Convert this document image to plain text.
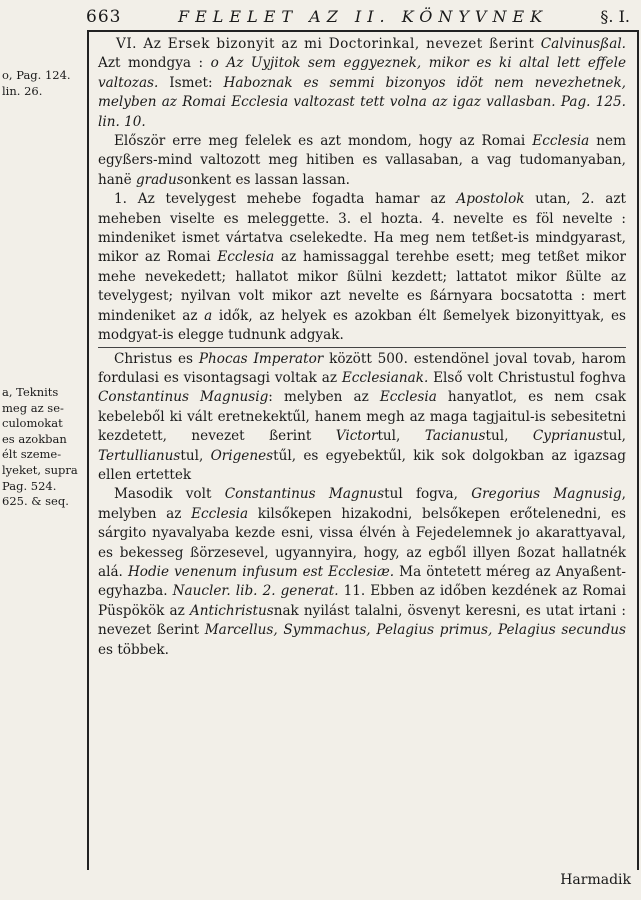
663	FELELET AZ II. KÖNYVNEK	§. I.
o, Pag. 124.
lin. 26.
a, Teknits
meg az se-
culomokat
es azokban
élt szeme-
lyeket, supra
Pag. 524.
625. & seq.

VI. Az Ersek bizonyit az mi Doctorinkal, nevezet ßerint Calvinusßal. Azt mondgya : o Az Uyjitok sem eggyeznek, mikor es ki altal lett effele valtozas. Ismet: Haboznak es semmi bizonyos idöt nem nevezhetnek, melyben az Romai Ecclesia valtozast tett volna az igaz vallasban. Pag. 125. lin. 10.

Először erre meg felelek es azt mondom, hogy az Romai Ecclesia nem egyßers-mind valtozott meg hitiben es vallasaban, a vag tudomanyaban, hanë gradusonkent es lassan lassan.

1. Az tevelygest mehebe fogadta hamar az Apostolok utan, 2. azt meheben viselte es meleggette. 3. el hozta. 4. nevelte es föl nevelte : mindeniket ismet vártatva cselekedte. Ha meg nem tetßet-is mindgyarast, mikor az Romai Ecclesia az hamissaggal terehbe esett; meg tetßet mikor mehe nevekedett; hallatot mikor ßülni kezdett; lattatot mikor ßülte az tevelygest; nyilvan volt mikor azt nevelte es ßárnyara bocsatotta : mert mindeniket az a idők, az helyek es azokban élt ßemelyek bizonyittyak, es modgyat-is elegge tudnunk adgyak.

Christus es Phocas Imperator között 500. estendönel joval tovab, harom fordulasi es visontagsagi voltak az Ecclesianak. Első volt Christustul foghva Constantinus Magnusig: melyben az Ecclesia hanyatlot, es nem csak kebeleből ki vált eretnekektűl, hanem megh az maga tagjaitul-is sebesitetni kezdetett, nevezet ßerint Victortul, Tacianustul, Cyprianustul, Tertullianustul, Origenestűl, es egyebektűl, kik sok dolgokban az igazsag ellen ertettek

Masodik volt Constantinus Magnustul fogva, Gregorius Magnusig, melyben az Ecclesia kilsőkepen hizakodni, belsőkepen erőtelenedni, es sárgito nyavalyaba kezde esni, vissa élvén à Fejedelemnek jo akarattyaval, es bekesseg ßörzesevel, ugyannyira, hogy, az egből illyen ßozat hallatnék alá. Hodie venenum infusum est Ecclesiæ. Ma öntetett méreg az Anyaßent-egyhazba. Naucler. lib. 2. generat. 11. Ebben az időben kezdének az Romai Püspökök az Antichristusnak nyilást talalni, ösvenyt keresni, es utat irtani : nevezet ßerint Marcellus, Symmachus, Pelagius primus, Pelagius secundus es többek.

Harmadik
